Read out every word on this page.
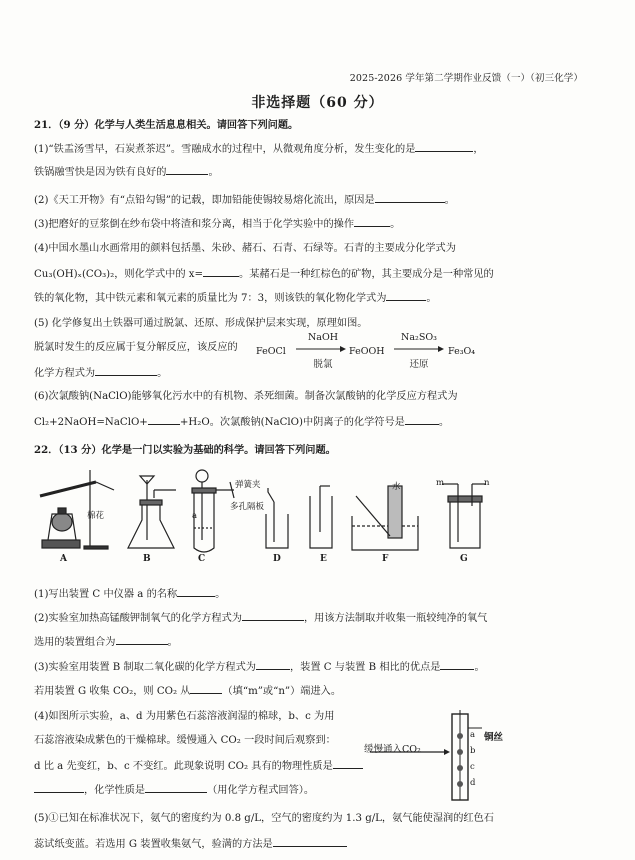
2025-2026 学年第二学期作业反馈（一）（初三化学）
非选择题（60 分）
21．（9 分）化学与人类生活息息相关。请回答下列问题。
(1)“铁盂汤雪早，石炭煮茶迟”。雪融成水的过程中，从微观角度分析，发生变化的是	，
铁锅融雪快是因为铁有良好的	。
(2)《天工开物》有“点铅勾锡”的记载，即加铅能使锡较易熔化流出，原因是	。
(3)把磨好的豆浆倒在纱布袋中将渣和浆分离，相当于化学实验中的操作	。
(4)中国水墨山水画常用的颜料包括墨、朱砂、赭石、石青、石绿等。石青的主要成分化学式为
Cu₃(OH)ₓ(CO₃)₂，则化学式中的 x=	。某赭石是一种红棕色的矿物，其主要成分是一种常见的
铁的氧化物，其中铁元素和氧元素的质量比为 7：3，则该铁的氧化物化学式为	。
(5) 化学修复出土铁器可通过脱氯、还原、形成保护层来实现，原理如图。
脱氯时发生的反应属于复分解反应，该反应的
化学方程式为	。
FeOCl
NaOH
脱氯
FeOOH
Na₂SO₃
还原
Fe₃O₄
(6)次氯酸钠(NaClO)能够氧化污水中的有机物、杀死细菌。制备次氯酸钠的化学反应方程式为
Cl₂+2NaOH=NaClO+	+H₂O。次氯酸钠(NaClO)中阴离子的化学符号是	。
22．（13 分）化学是一门以实验为基础的科学。请回答下列问题。
棉花
弹簧夹
多孔隔板
a
水	m	n
A	B	C	D	E	F	G
(1)写出装置 C 中仪器 a 的名称	。
(2)实验室加热高锰酸钾制氧气的化学方程式为	，用该方法制取并收集一瓶较纯净的氧气
选用的装置组合为	。
(3)实验室用装置 B 制取二氧化碳的化学方程式为	，装置 C 与装置 B 相比的优点是	。
若用装置 G 收集 CO₂，则 CO₂ 从	（填“m”或“n”）端进入。
(4)如图所示实验，a、d 为用紫色石蕊溶液润湿的棉球，b、c 为用
石蕊溶液染成紫色的干燥棉球。缓慢通入 CO₂ 一段时间后观察到：
d 比 a 先变红，b、c 不变红。此现象说明 CO₂ 具有的物理性质是
，化学性质是	（用化学方程式回答）。
缓慢通入CO₂
铜丝
a
b
c
d
(5)①已知在标准状况下，氨气的密度约为 0.8 g/L，空气的密度约为 1.3 g/L，氨气能使湿润的红色石
蕊试纸变蓝。若选用 G 装置收集氨气，验满的方法是
